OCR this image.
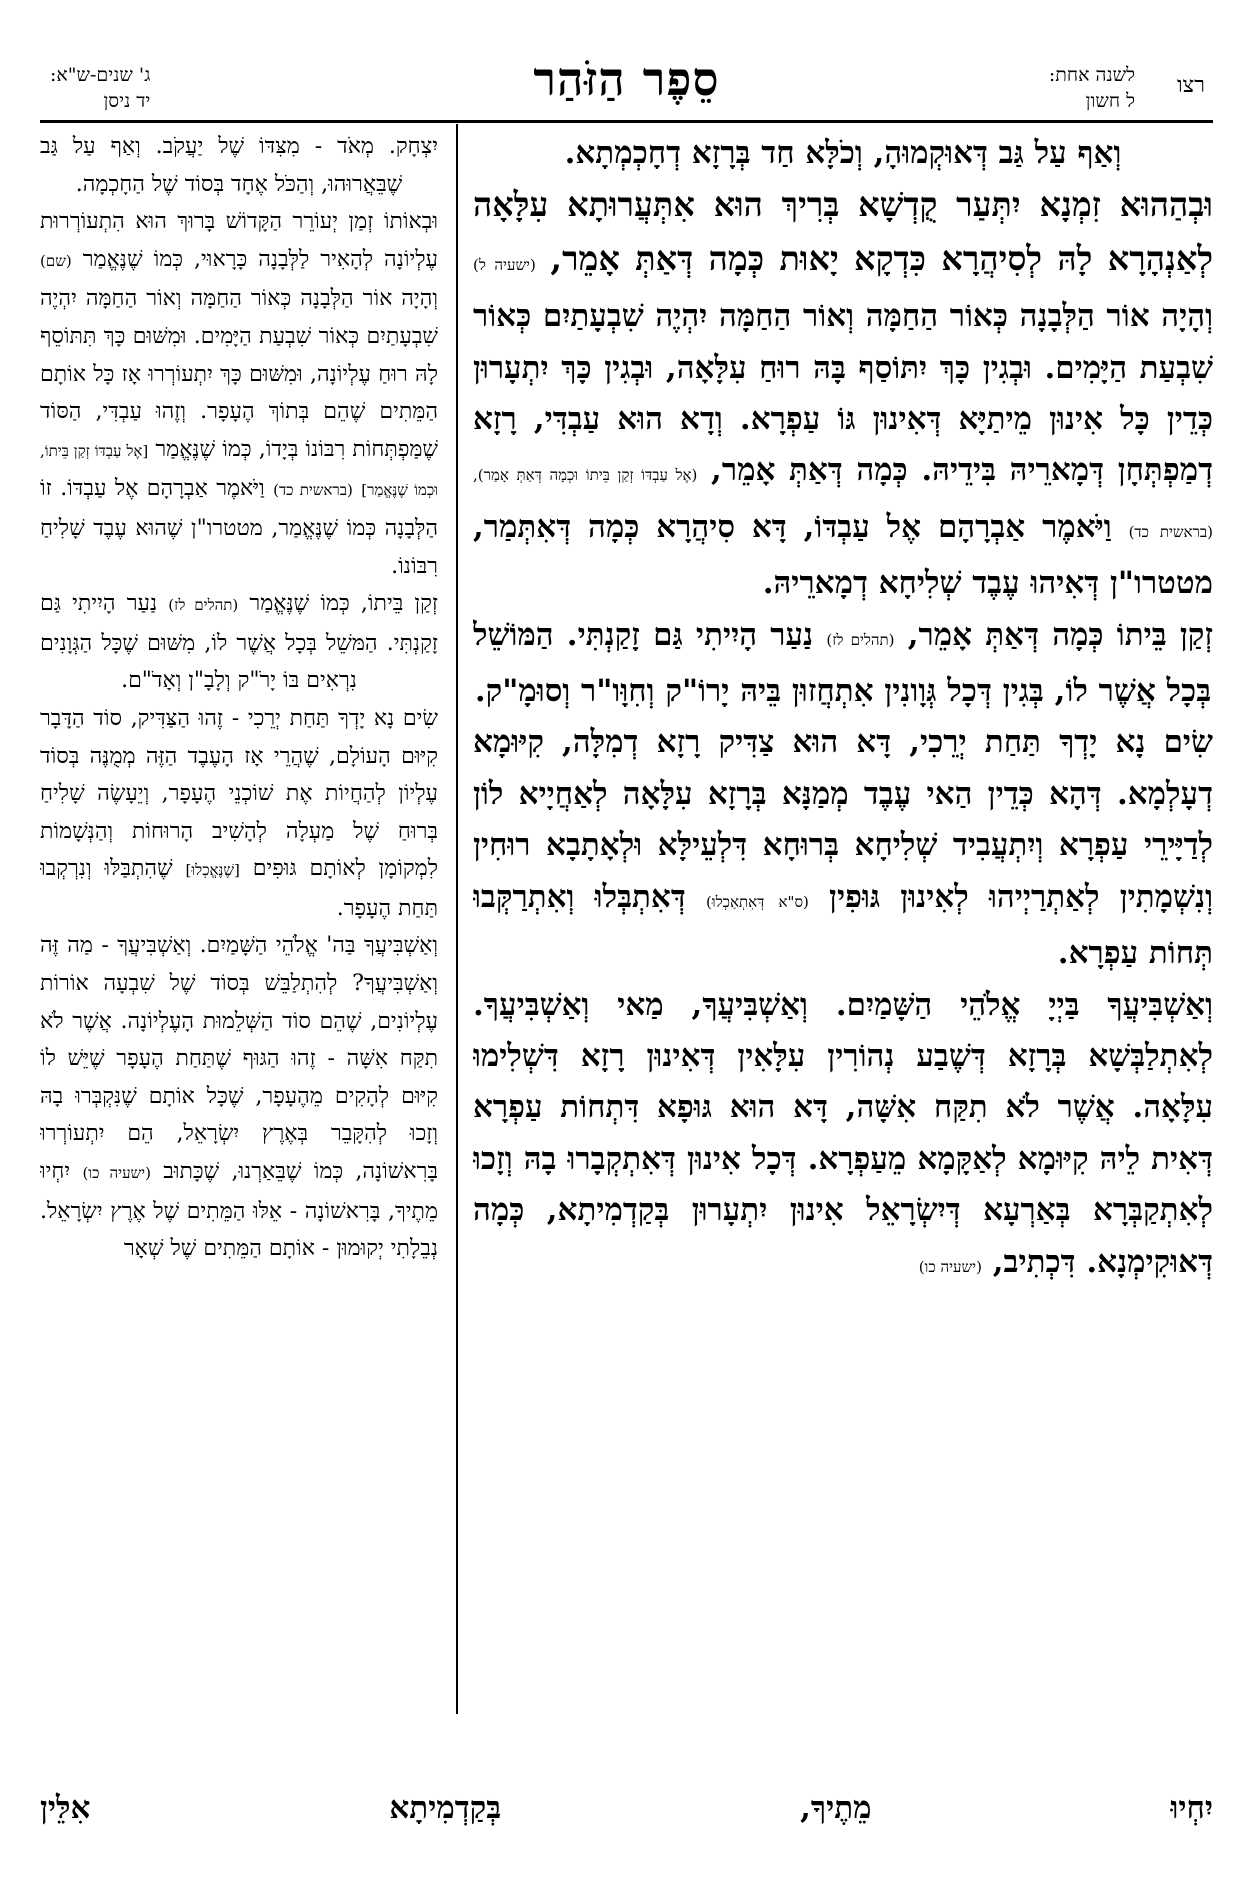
רצו
לשנה אחת:
ל חשון
סֵפֶר הַזֹּהַר
ג' שנים-ש"א:
יד ניסן

וְאַף עַל גַּב דְּאוּקְמוּהָ, וְכֹלָּא חַד בְּרָזָא דְחָכְמְתָא.

וּבְהַהוּא זִמְנָא יִתְּעַר קֻדְשָׁא בְּרִיךְ הוּא אִתְּעֲרוּתָא עִלָּאָה לְאַנְהָרָא לָהּ לְסִיהֲרָא כִּדְקָא יָאוּת כְּמָה דְּאַתְּ אָמֵר, (ישעיה ל) וְהָיָה אוֹר הַלְּבָנָה כְּאוֹר הַחַמָּה וְאוֹר הַחַמָּה יִהְיֶה שִׁבְעָתַיִם כְּאוֹר שִׁבְעַת הַיָּמִים. וּבְגִין כָּךְ יִתּוֹסַף בָּהּ רוּחַ עִלָּאָה, וּבְגִין כָּךְ יִתְעָרוּן כְּדֵין כָּל אִינוּן מֵיתַיָּא דְּאִינוּן גּוֹ עַפְרָא. וְדָא הוּא עַבְדִּי, רָזָא דְמַפְתְּחָן דְּמָארֵיהּ בִּידֵיהּ. כְּמָה דְּאַתְּ אָמֵר, (אֶל עַבְדּוֹ זְקַן בֵּיתוֹ וּכְמָה דְּאַתְּ אָמַר), (בראשית כד) וַיֹּאמֶר אַבְרָהָם אֶל עַבְדּוֹ, דָּא סִיהֲרָא כְּמָה דְּאִתְּמַר, מטטרו"ן דְּאִיהוּ עֶבֶד שְׁלִיחָא דְמָארֵיהּ.

זְקַן בֵּיתוֹ כְּמָה דְּאַתְּ אָמֵר, (תהלים לז) נַעַר הָיִיתִי גַּם זָקַנְתִּי. הַמּוֹשֵׁל בְּכָל אֲשֶׁר לוֹ, בְּגִין דְּכָל גְּוָונִין אִתְחֲזוּן בֵּיהּ יָרוֹ"ק וְחִוָּו"ר וְסוּמָ"ק.

שִׂים נָא יָדְךָ תַּחַת יְרֵכִי, דָּא הוּא צַדִּיק רָזָא דְמִלָּה, קִיּוּמָא דְעָלְמָא. דְּהָא כְּדֵין הַאי עֶבֶד מְמַנָּא בְּרָזָא עִלָּאָה לְאַחֲיָיא לוֹן לְדַיָּירֵי עַפְרָא וְיִתְעֲבִיד שְׁלִיחָא בְּרוּחָא דִּלְעֵילָּא וּלְאָתָבָא רוּחִין וְנִשְׁמָתִין לְאַתְרַיְיהוּ לְאִינוּן גּוּפִין (ס"א דְּאִתְאַכְלוּ) דְּאִתְבְּלוּ וְאִתְרַקְּבוּ תְּחוֹת עַפְרָא.

וְאַשְׁבִּיעֲךָ בַּיְיָ אֱלֹהֵי הַשָּׁמַיִם. וְאַשְׁבִּיעֲךָ, מַאי וְאַשְׁבִּיעֲךָ. לְאִתְלַבְּשָׁא בְּרָזָא דְּשֶׁבַע נְהוֹרִין עִלָּאִין דְּאִינוּן רָזָא דִּשְׁלִימוּ עִלָּאָה. אֲשֶׁר לֹא תִקַּח אִשָּׁה, דָּא הוּא גּוּפָא דִּתְחוֹת עַפְרָא דְּאִית לֵיהּ קִיּוּמָא לְאַקָּמָא מֵעַפְרָא. דְּכָל אִינוּן דְּאִתְקְבָרוּ בָהּ וְזָכוּ לְאִתְקַבְּרָא בְּאַרְעָא דְּיִשְׂרָאֵל אִינוּן יִתְעָרוּן בְּקַדְמִיתָא, כְּמָה דְּאוּקִימְנָא. דִּכְתִיב, (ישעיה כו)

יִצְחָק. מְאֹד - מִצִּדּוֹ שֶׁל יַעֲקֹב. וְאַף עַל גַּב שֶׁבֵּאֲרוּהוּ, וְהַכֹּל אֶחָד בְּסוֹד שֶׁל הַחָכְמָה.

וּבְאוֹתוֹ זְמַן יְעוֹרֵר הַקָּדוֹשׁ בָּרוּךְ הוּא הִתְעוֹרְרוּת עֶלְיוֹנָה לְהָאִיר לַלְּבָנָה כָּרָאוּי, כְּמוֹ שֶׁנֶּאֱמַר (שם) וְהָיָה אוֹר הַלְּבָנָה כְּאוֹר הַחַמָּה וְאוֹר הַחַמָּה יִהְיֶה שִׁבְעָתַיִם כְּאוֹר שִׁבְעַת הַיָּמִים. וּמִשּׁוּם כָּךְ תִּתּוֹסֵף לָהּ רוּחַ עֶלְיוֹנָה, וּמִשּׁוּם כָּךְ יִתְעוֹרְרוּ אָז כָּל אוֹתָם הַמֵּתִים שֶׁהֵם בְּתוֹךְ הֶעָפָר. וְזֶהוּ עַבְדִּי, הַסּוֹד שֶׁמַּפְתְּחוֹת רִבּוֹנוֹ בְּיָדוֹ, כְּמוֹ שֶׁנֶּאֱמַר [אֶל עַבְדּוֹ זְקַן בֵּיתוֹ, וּכְמוֹ שֶׁנֶּאֱמַר] (בראשית כד) וַיֹּאמֶר אַבְרָהָם אֶל עַבְדּוֹ. זוֹ הַלְּבָנָה כְּמוֹ שֶׁנֶּאֱמַר, מטטרו"ן שֶׁהוּא עֶבֶד שָׁלִיחַ רִבּוֹנוֹ.

זְקַן בֵּיתוֹ, כְּמוֹ שֶׁנֶּאֱמַר (תהלים לז) נַעַר הָיִיתִי גַּם זָקַנְתִּי. הַמּשֵׁל בְּכָל אֲשֶׁר לוֹ, מִשּׁוּם שֶׁכָּל הַגְּוָנִים נִרְאִים בּוֹ יָרֹ"ק וְלָבָ"ן וְאָדֹ"ם.

שִׂים נָא יָדְךָ תַּחַת יְרֵכִי - זֶהוּ הַצַּדִּיק, סוֹד הַדָּבָר קִיּוּם הָעוֹלָם, שֶׁהֲרֵי אָז הָעֶבֶד הַזֶּה מְמֻנֶּה בְּסוֹד עֶלְיוֹן לְהַחֲיוֹת אֶת שׁוֹכְנֵי הֶעָפָר, וְיֵעָשֶׂה שָׁלִיחַ בְּרוּחַ שֶׁל מַעְלָה לְהָשִׁיב הָרוּחוֹת וְהַנְּשָׁמוֹת לִמְקוֹמָן לְאוֹתָם גּוּפִים [שֶׁנֶּאֱכְלוּ] שֶׁהִתְבַּלּוּ וְנִרְקְבוּ תַּחַת הֶעָפָר.

וְאַשְׁבִּיעֲךָ בַּה' אֱלֹהֵי הַשָּׁמַיִם. וְאַשְׁבִּיעֲךָ - מַה זֶּה וְאַשְׁבִּיעֲךָ? לְהִתְלַבֵּשׁ בְּסוֹד שֶׁל שִׁבְעָה אוֹרוֹת עֶלְיוֹנִים, שֶׁהֵם סוֹד הַשְּׁלֵמוּת הָעֶלְיוֹנָה. אֲשֶׁר לֹא תִקַּח אִשָּׁה - זֶהוּ הַגּוּף שֶׁתַּחַת הֶעָפָר שֶׁיֵּשׁ לוֹ קִיּוּם לְהָקִים מֵהֶעָפָר, שֶׁכָּל אוֹתָם שֶׁנִּקְבְּרוּ בָהּ וְזָכוּ לְהִקָּבֵר בְּאֶרֶץ יִשְׂרָאֵל, הֵם יִתְעוֹרְרוּ בָּרִאשׁוֹנָה, כְּמוֹ שֶׁבֵּאַרְנוּ, שֶׁכָּתוּב (ישעיה כו) יִחְיוּ מֵתֶיךָ, בָּרִאשׁוֹנָה - אֵלּוּ הַמֵּתִים שֶׁל אֶרֶץ יִשְׂרָאֵל. נְבֵלָתִי יְקוּמוּן - אוֹתָם הַמֵּתִים שֶׁל שְׁאָר

יִחְיוּ מֵתֶיךָ, בְּקַדְמִיתָא אִלֵּין
